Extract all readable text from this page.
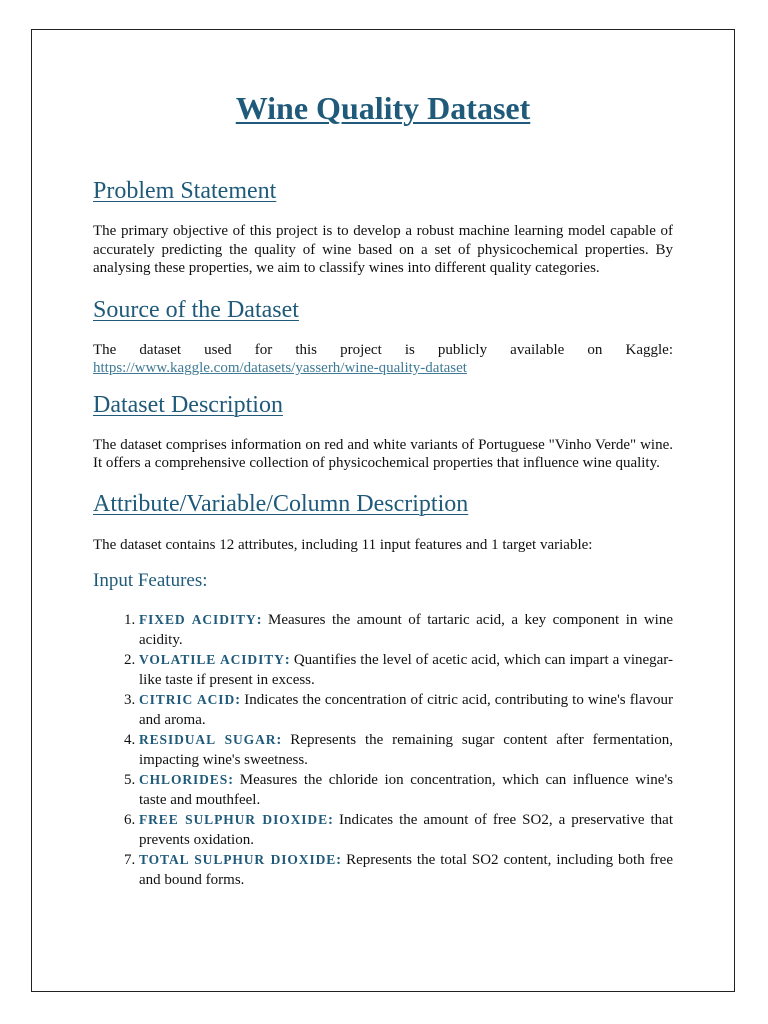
Wine Quality Dataset
Problem Statement

The primary objective of this project is to develop a robust machine learning model capable of accurately predicting the quality of wine based on a set of physicochemical properties. By analysing these properties, we aim to classify wines into different quality categories.

Source of the Dataset

The dataset used for this project is publicly available on Kaggle:

https://www.kaggle.com/datasets/yasserh/wine-quality-dataset

Dataset Description

The dataset comprises information on red and white variants of Portuguese "Vinho Verde" wine. It offers a comprehensive collection of physicochemical properties that influence wine quality.

Attribute/Variable/Column Description

The dataset contains 12 attributes, including 11 input features and 1 target variable:

Input Features:
1. FIXED ACIDITY: Measures the amount of tartaric acid, a key component in wine acidity.
2. VOLATILE ACIDITY: Quantifies the level of acetic acid, which can impart a vinegar-like taste if present in excess.
3. CITRIC ACID: Indicates the concentration of citric acid, contributing to wine's flavour and aroma.
4. RESIDUAL SUGAR: Represents the remaining sugar content after fermentation, impacting wine's sweetness.
5. CHLORIDES: Measures the chloride ion concentration, which can influence wine's taste and mouthfeel.
6. FREE SULPHUR DIOXIDE: Indicates the amount of free SO2, a preservative that prevents oxidation.
7. TOTAL SULPHUR DIOXIDE: Represents the total SO2 content, including both free and bound forms.
